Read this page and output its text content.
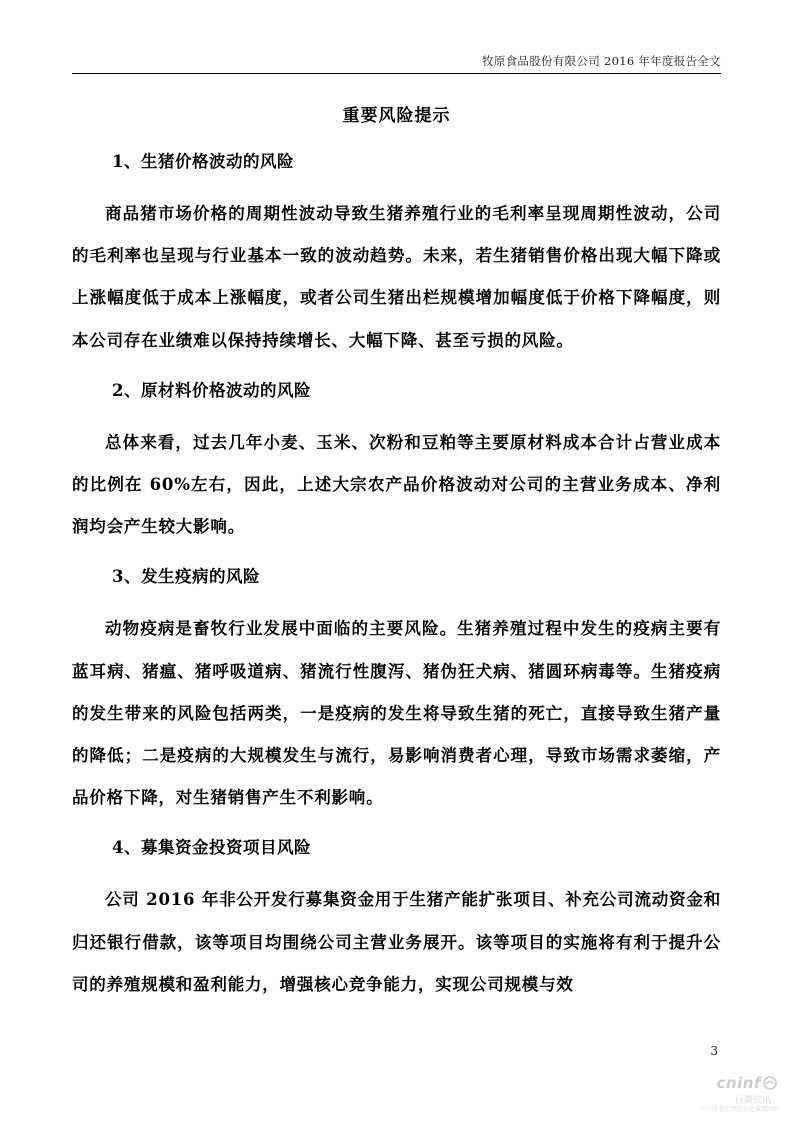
牧原食品股份有限公司 2016 年年度报告全文
重要风险提示
1、生猪价格波动的风险

商品猪市场价格的周期性波动导致生猪养殖行业的毛利率呈现周期性波动，公司的毛利率也呈现与行业基本一致的波动趋势。未来，若生猪销售价格出现大幅下降或上涨幅度低于成本上涨幅度，或者公司生猪出栏规模增加幅度低于价格下降幅度，则本公司存在业绩难以保持持续增长、大幅下降、甚至亏损的风险。

2、原材料价格波动的风险

总体来看，过去几年小麦、玉米、次粉和豆粕等主要原材料成本合计占营业成本的比例在 60%左右，因此，上述大宗农产品价格波动对公司的主营业务成本、净利润均会产生较大影响。

3、发生疫病的风险

动物疫病是畜牧行业发展中面临的主要风险。生猪养殖过程中发生的疫病主要有蓝耳病、猪瘟、猪呼吸道病、猪流行性腹泻、猪伪狂犬病、猪圆环病毒等。生猪疫病的发生带来的风险包括两类，一是疫病的发生将导致生猪的死亡，直接导致生猪产量的降低；二是疫病的大规模发生与流行，易影响消费者心理，导致市场需求萎缩，产品价格下降，对生猪销售产生不利影响。

4、募集资金投资项目风险

公司 2016 年非公开发行募集资金用于生猪产能扩张项目、补充公司流动资金和归还银行借款，该等项目均围绕公司主营业务展开。该等项目的实施将有利于提升公司的养殖规模和盈利能力，增强核心竞争能力，实现公司规模与效

3
cninf
巨潮资讯
中国证监会指定信息披露网站
